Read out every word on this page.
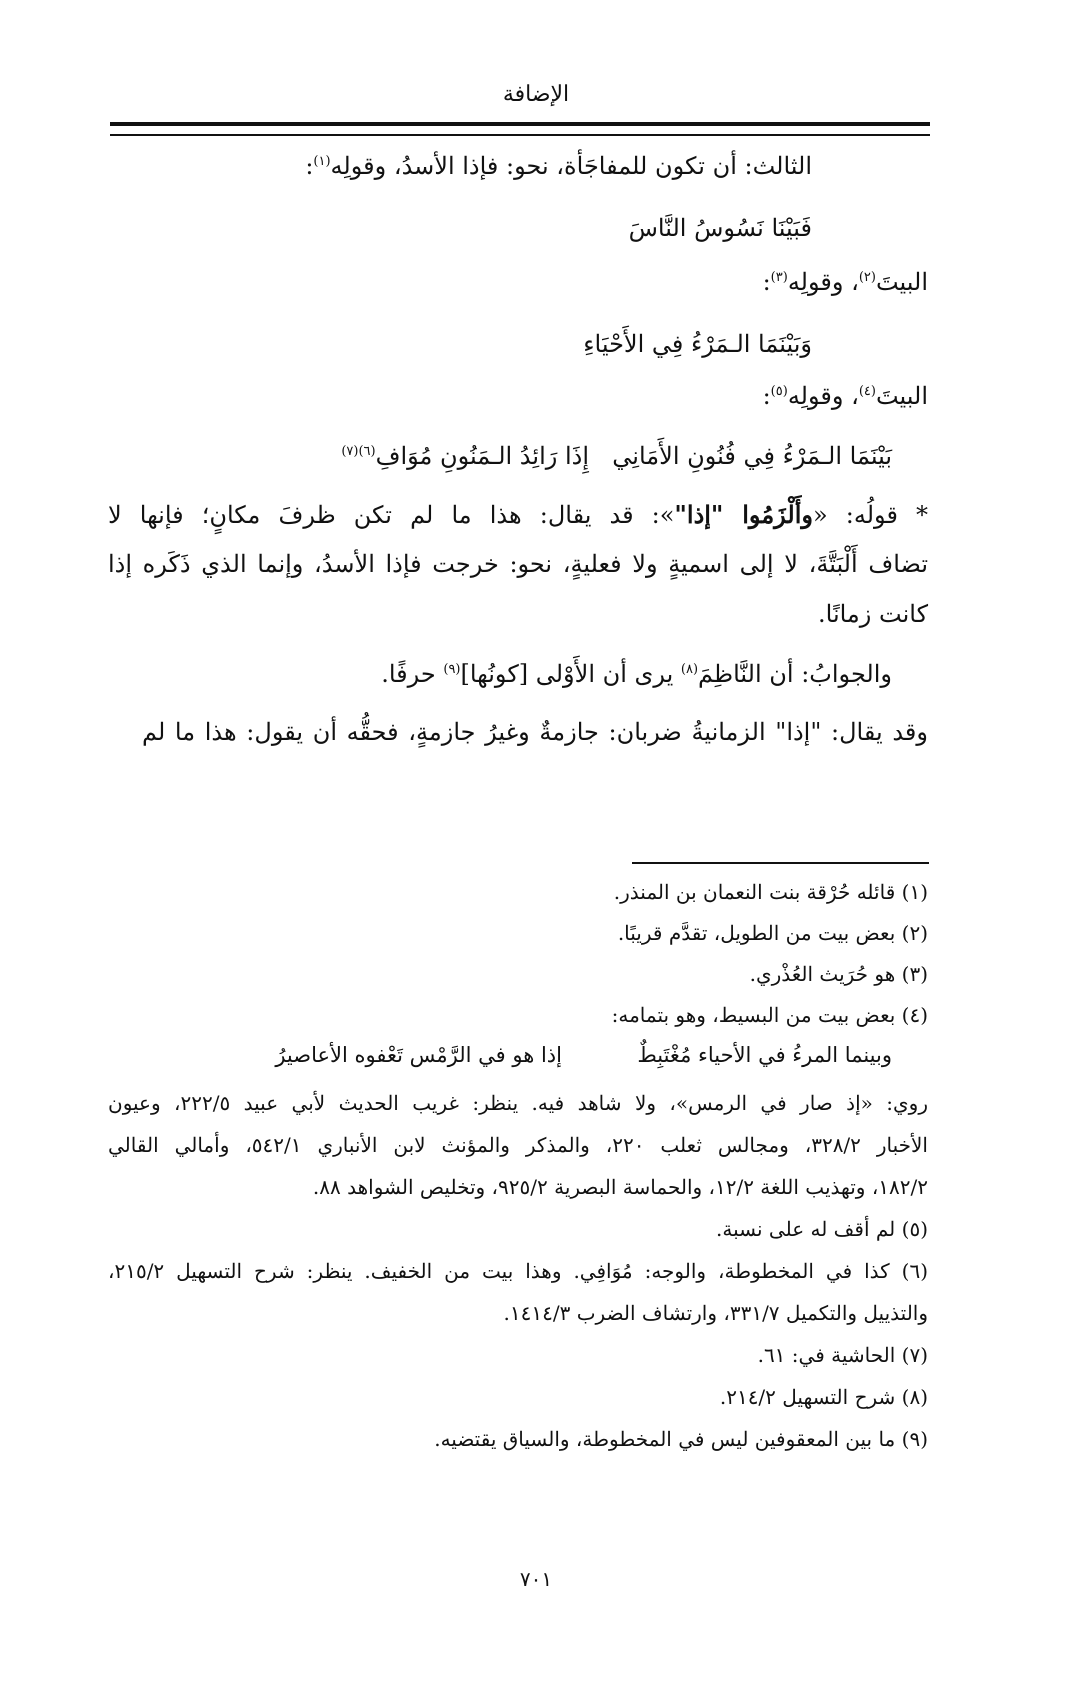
الإضافة
الثالث: أن تكون للمفاجَأة، نحو: فإذا الأسدُ، وقولِه$^{(١)}$:
فَبَيْنَا نَسُوسُ النَّاسَ
البيتَ$^{(٢)}$، وقولِه$^{(٣)}$:
وَبَيْنَمَا الـمَرْءُ فِي الأَحْيَاءِ
البيتَ$^{(٤)}$، وقولِه$^{(٥)}$:
بَيْنَمَا الـمَرْءُ فِي فُنُونِ الأَمَانِي
إِذَا رَائِدُ الـمَنُونِ مُوَافِ$^{(٦)(٧)}$
* قولُه: «وأَلْزَمُوا "إذا"»: قد يقال: هذا ما لم تكن ظرفَ مكانٍ؛ فإنها لا
تضاف أَلْبَتَّةَ، لا إلى اسميةٍ ولا فعليةٍ، نحو: خرجت فإذا الأسدُ، وإنما الذي ذَكَره إذا
كانت زمانًا.
والجوابُ: أن النَّاظِمَ$^{(٨)}$ يرى أن الأَوْلى [كونُها]$^{(٩)}$ حرفًا.
وقد يقال: "إذا" الزمانيةُ ضربان: جازمةٌ وغيرُ جازمةٍ، فحقُّه أن يقول: هذا ما لم
(١) قائله حُرْقة بنت النعمان بن المنذر.
(٢) بعض بيت من الطويل، تقدَّم قريبًا.
(٣) هو حُرَيث العُذْري.
(٤) بعض بيت من البسيط، وهو بتمامه:
وبينما المرءُ في الأحياء مُغْتَبِطٌ
إذا هو في الرَّمْس تَعْفوه الأعاصيرُ
روي: «إذ صار في الرمس»، ولا شاهد فيه. ينظر: غريب الحديث لأبي عبيد ٢٢٢/٥، وعيون
الأخبار ٣٢٨/٢، ومجالس ثعلب ٢٢٠، والمذكر والمؤنث لابن الأنباري ٥٤٢/١، وأمالي القالي
١٨٢/٢، وتهذيب اللغة ١٢/٢، والحماسة البصرية ٩٢٥/٢، وتخليص الشواهد ٨٨.
(٥) لم أقف له على نسبة.
(٦) كذا في المخطوطة، والوجه: مُوَافِي. وهذا بيت من الخفيف. ينظر: شرح التسهيل ٢١٥/٢،
والتذييل والتكميل ٣٣١/٧، وارتشاف الضرب ١٤١٤/٣.
(٧) الحاشية في: ٦١.
(٨) شرح التسهيل ٢١٤/٢.
(٩) ما بين المعقوفين ليس في المخطوطة، والسياق يقتضيه.
٧٠١
